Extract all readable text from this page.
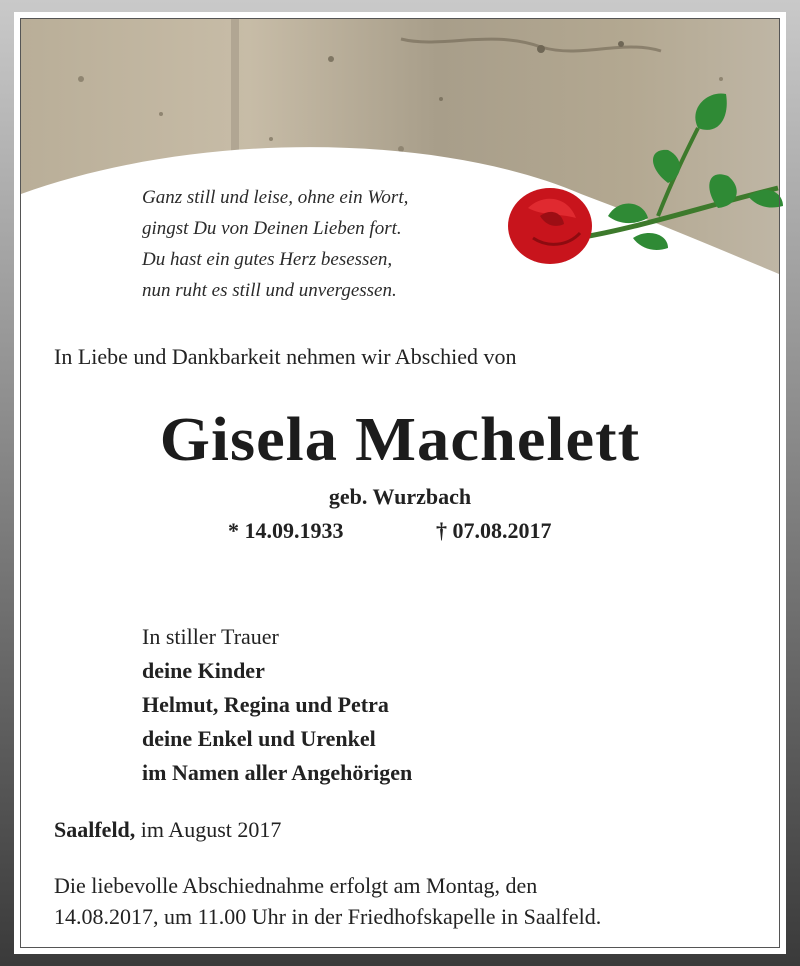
Ganz still und leise, ohne ein Wort,
gingst Du von Deinen Lieben fort.
Du hast ein gutes Herz besessen,
nun ruht es still und unvergessen.
In Liebe und Dankbarkeit nehmen wir Abschied von
Gisela Machelett
geb. Wurzbach
* 14.09.1933	† 07.08.2017
In stiller Trauer
deine Kinder
Helmut, Regina und Petra
deine Enkel und Urenkel
im Namen aller Angehörigen
Saalfeld, im August 2017
Die liebevolle Abschiednahme erfolgt am Montag, den
14.08.2017, um 11.00 Uhr in der Friedhofskapelle in Saalfeld.
